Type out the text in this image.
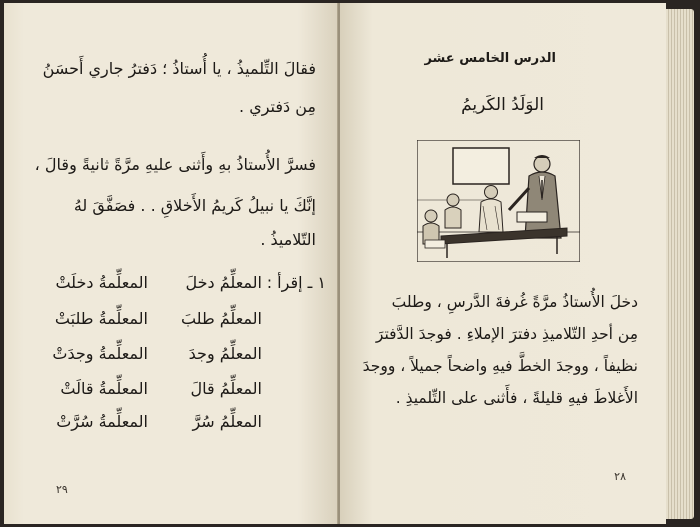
فقالَ التِّلميذُ ، يا أُستاذُ ؛ دَفترُ جاري أَحسَنُ
مِن دَفتري .
فسرَّ الأُستاذُ بهِ وأَثنى عليهِ مرَّةً ثانيةً وقالَ ،
إنَّكَ يا نبيلُ كَريمُ الأَخلاقِ . . فصَفَّقَ لهُ
التّلاميذُ .
١ ـ إقرأ :
المعلِّمُ دخلَ
المعلِّمُ طلبَ
المعلِّمُ وجدَ
المعلِّمُ قالَ
المعلِّمُ سُرَّ
المعلِّمةُ دخلَتْ
المعلِّمةُ طلبَتْ
المعلِّمةُ وجدَتْ
المعلِّمةُ قالَتْ
المعلِّمةُ سُرَّتْ
٢٩
الدرس الخامس عشر
الوَلَدُ الكَريمُ
دخلَ الأُستاذُ مرَّةً غُرفةَ الدَّرسِ ، وطلبَ
مِن أحدِ التّلاميذِ دفترَ الإملاءِ . فوجدَ الدَّفترَ
نظيفاً ، ووجدَ الخطَّ فيهِ واضحاً جميلاً ، ووجدَ
الأَغلاطَ فيهِ قليلةً ، فأَثنى على التِّلميذِ .
٢٨
